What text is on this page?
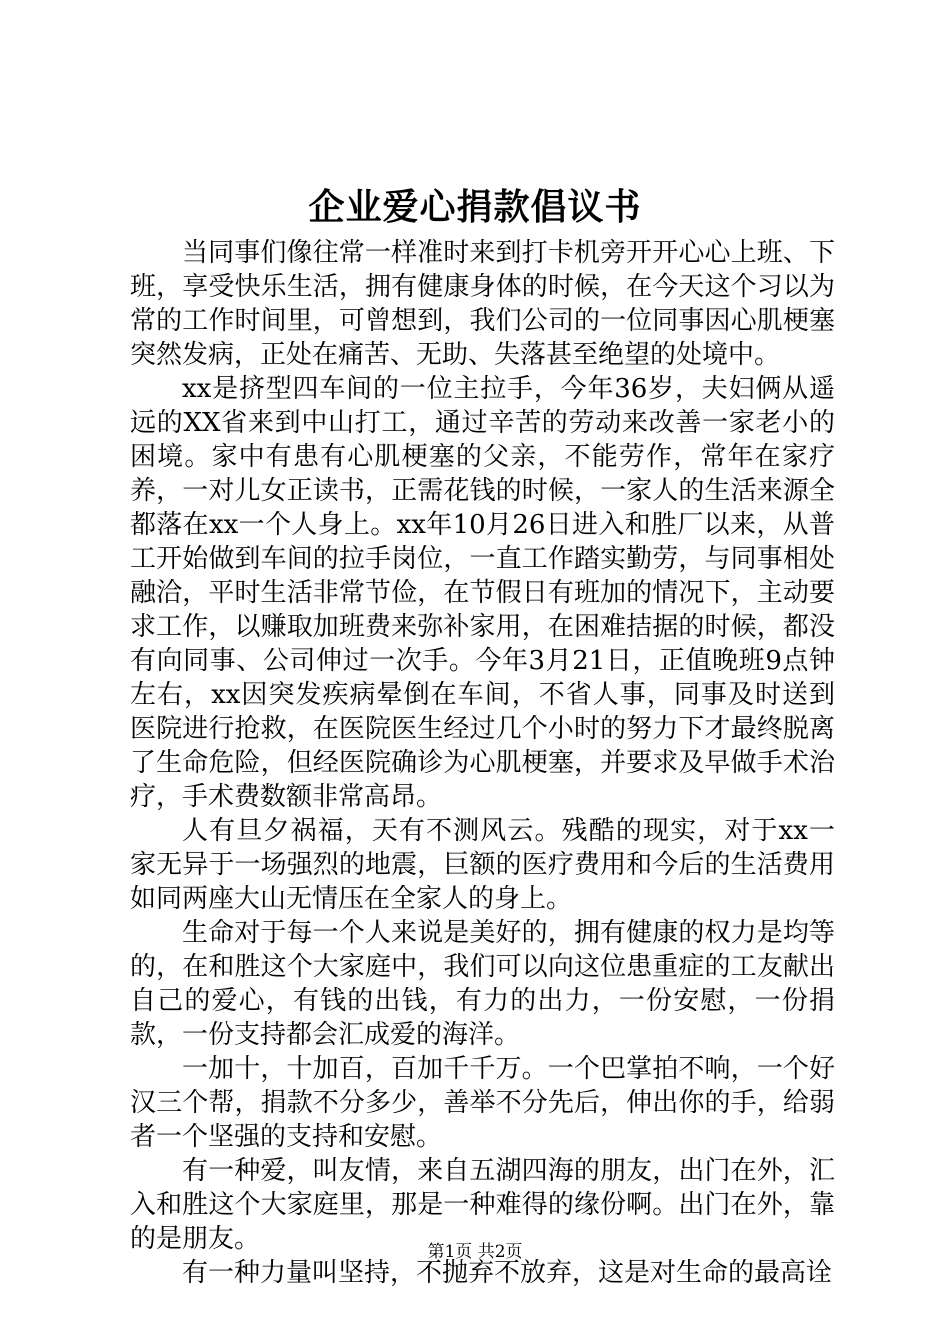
企业爱心捐款倡议书

当同事们像往常一样准时来到打卡机旁开开心心上班、下班，享受快乐生活，拥有健康身体的时候，在今天这个习以为常的工作时间里，可曾想到，我们公司的一位同事因心肌梗塞突然发病，正处在痛苦、无助、失落甚至绝望的处境中。

xx是挤型四车间的一位主拉手，今年36岁，夫妇俩从遥远的XX省来到中山打工，通过辛苦的劳动来改善一家老小的困境。家中有患有心肌梗塞的父亲，不能劳作，常年在家疗养，一对儿女正读书，正需花钱的时候，一家人的生活来源全都落在xx一个人身上。xx年10月26日进入和胜厂以来，从普工开始做到车间的拉手岗位，一直工作踏实勤劳，与同事相处融洽，平时生活非常节俭，在节假日有班加的情况下，主动要求工作，以赚取加班费来弥补家用，在困难拮据的时候，都没有向同事、公司伸过一次手。今年3月21日，正值晚班9点钟左右，xx因突发疾病晕倒在车间，不省人事，同事及时送到医院进行抢救，在医院医生经过几个小时的努力下才最终脱离了生命危险，但经医院确诊为心肌梗塞，并要求及早做手术治疗，手术费数额非常高昂。

人有旦夕祸福，天有不测风云。残酷的现实，对于xx一家无异于一场强烈的地震，巨额的医疗费用和今后的生活费用如同两座大山无情压在全家人的身上。

生命对于每一个人来说是美好的，拥有健康的权力是均等的，在和胜这个大家庭中，我们可以向这位患重症的工友献出自己的爱心，有钱的出钱，有力的出力，一份安慰，一份捐款，一份支持都会汇成爱的海洋。

一加十，十加百，百加千千万。一个巴掌拍不响，一个好汉三个帮，捐款不分多少，善举不分先后，伸出你的手，给弱者一个坚强的支持和安慰。

有一种爱，叫友情，来自五湖四海的朋友，出门在外，汇入和胜这个大家庭里，那是一种难得的缘份啊。出门在外，靠的是朋友。

有一种力量叫坚持，不抛弃不放弃，这是对生命的最高诠

第1页 共2页
